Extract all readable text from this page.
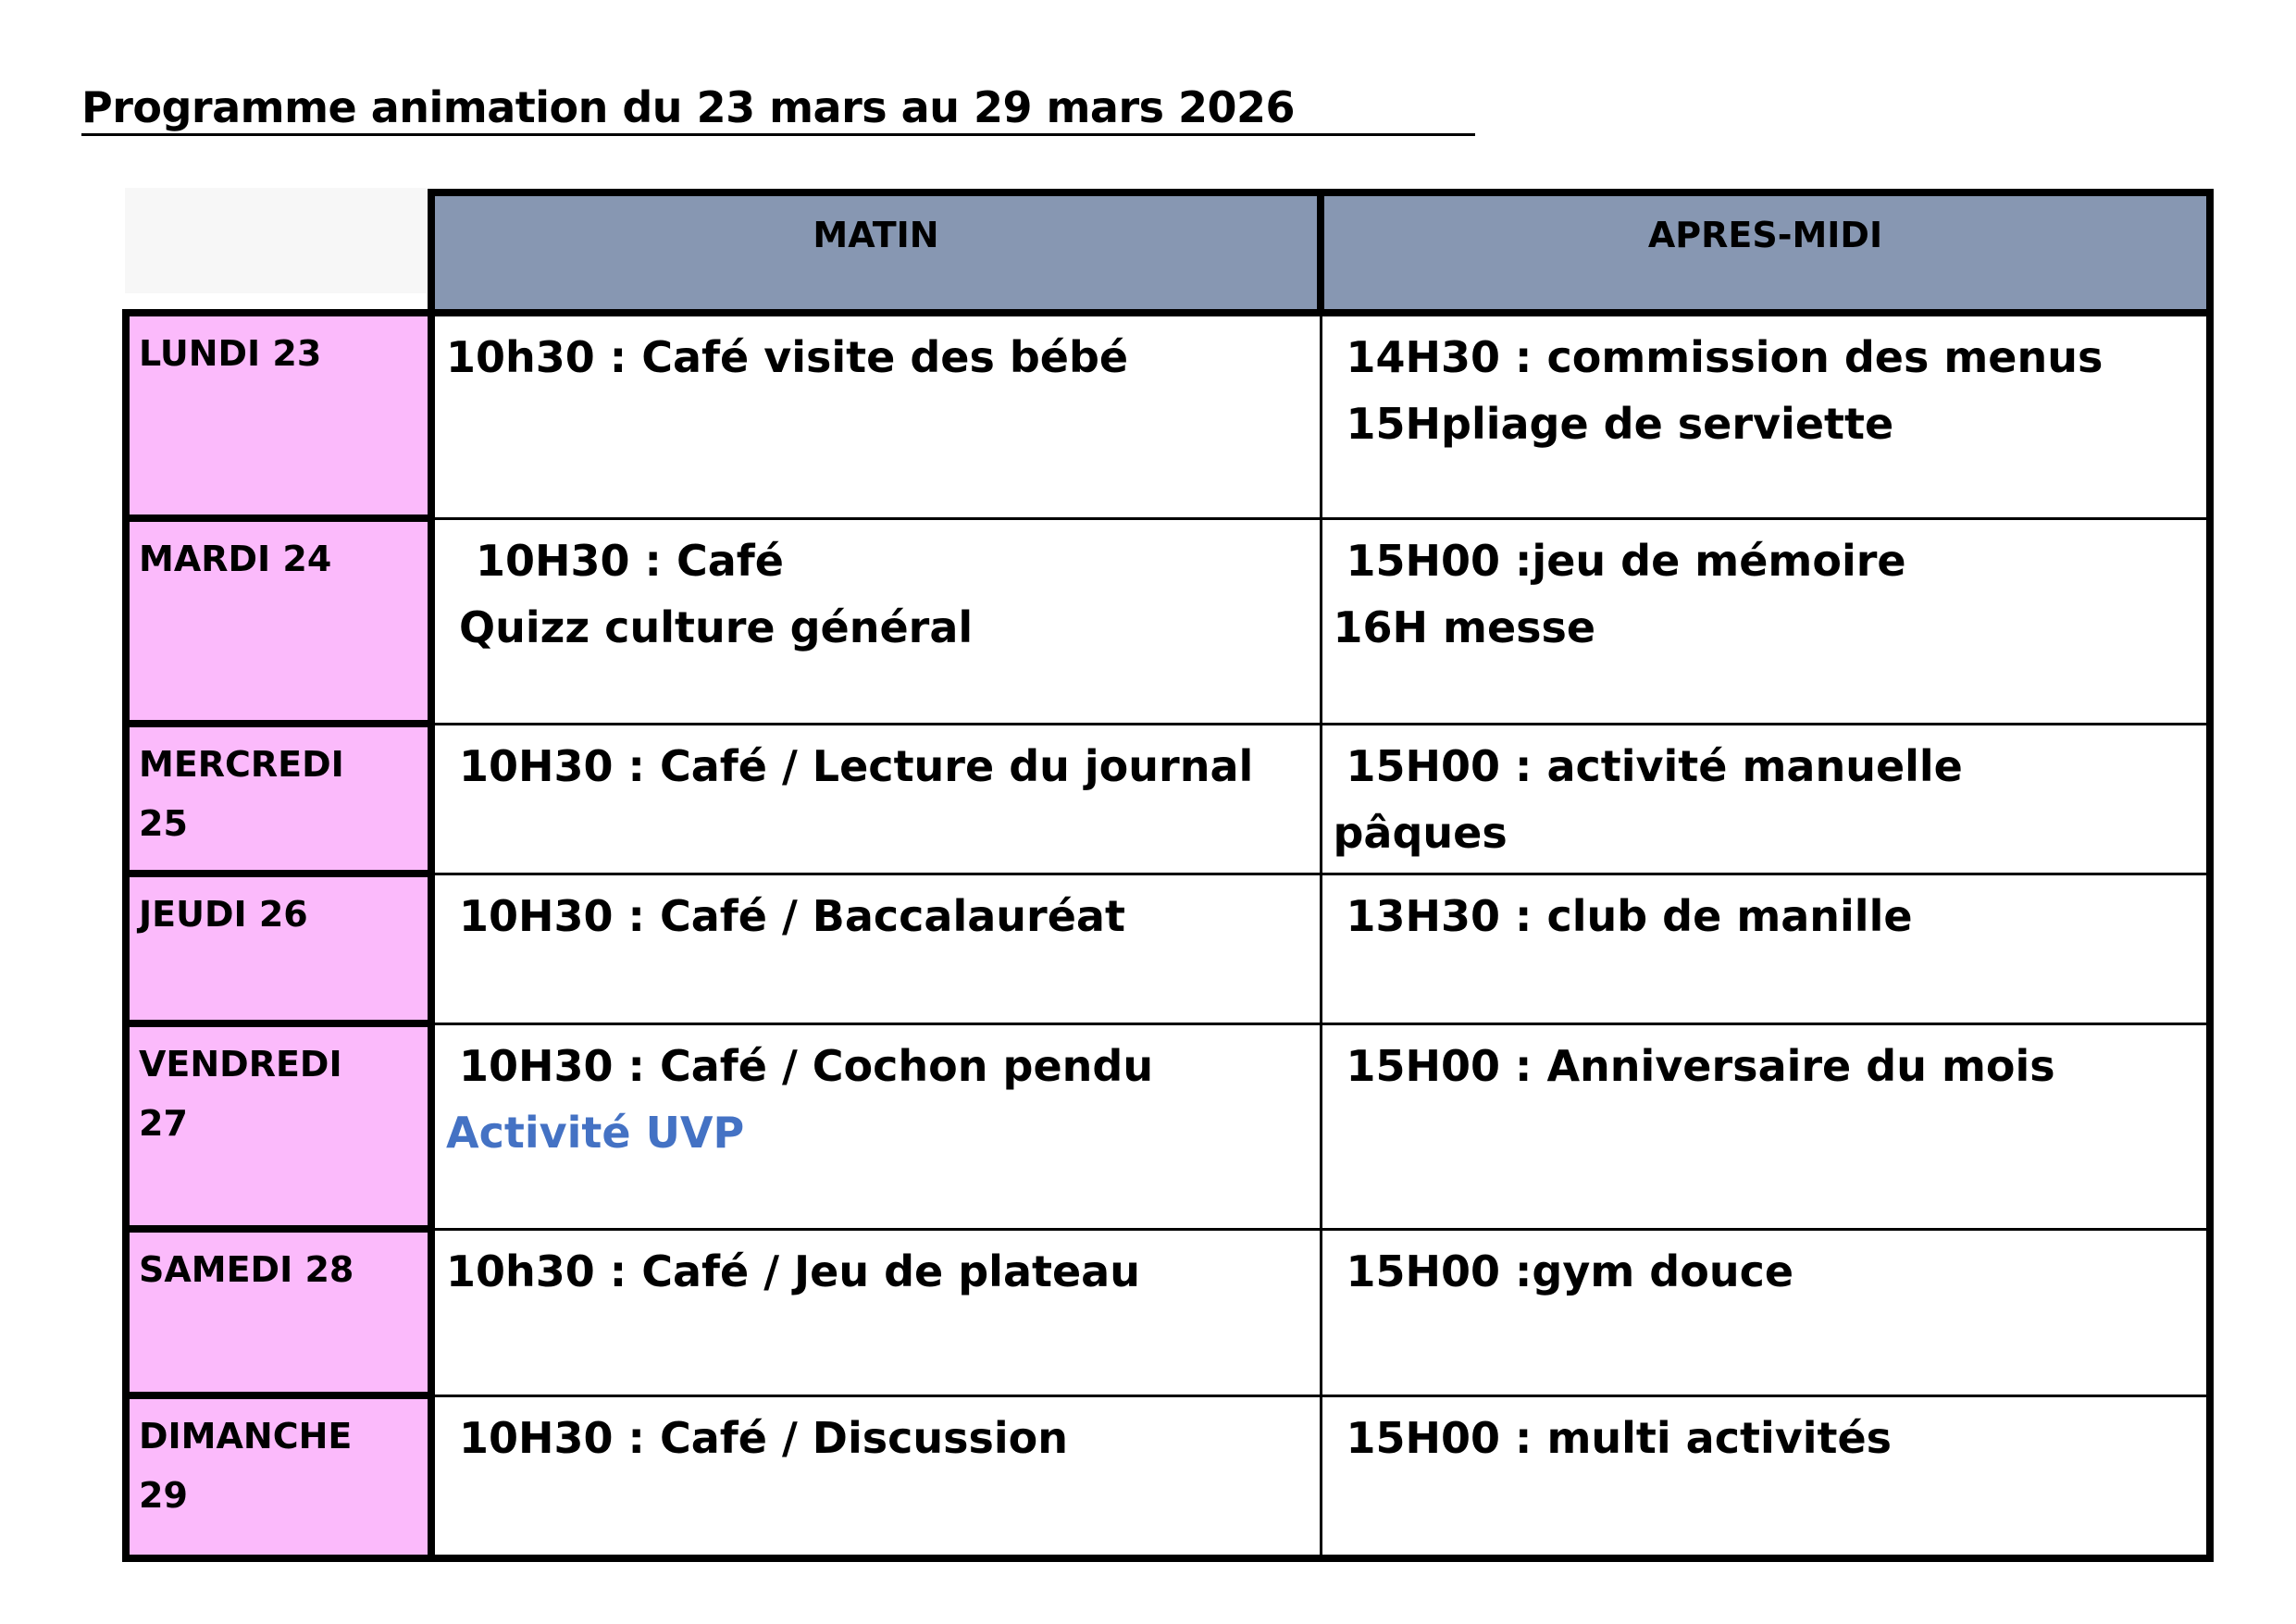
Programme animation du 23 mars au 29 mars 2026
	MATIN	APRES-MIDI

LUNDI 23	10h30 : Café visite des bébé	14H30 : commission des menus
15Hpliage de serviette

MARDI 24	10H30 : Café
Quizz culture général	15H00 :jeu de mémoire
16H messe

MERCREDI
25	10H30 : Café / Lecture du journal	15H00 : activité manuelle
pâques

JEUDI 26	10H30 : Café / Baccalauréat	13H30 : club de manille

VENDREDI
27	10H30 : Café / Cochon pendu
Activité UVP	15H00 : Anniversaire du mois

SAMEDI 28	10h30 : Café / Jeu de plateau	15H00 :gym douce

DIMANCHE
29	10H30 : Café / Discussion	15H00 : multi activités
